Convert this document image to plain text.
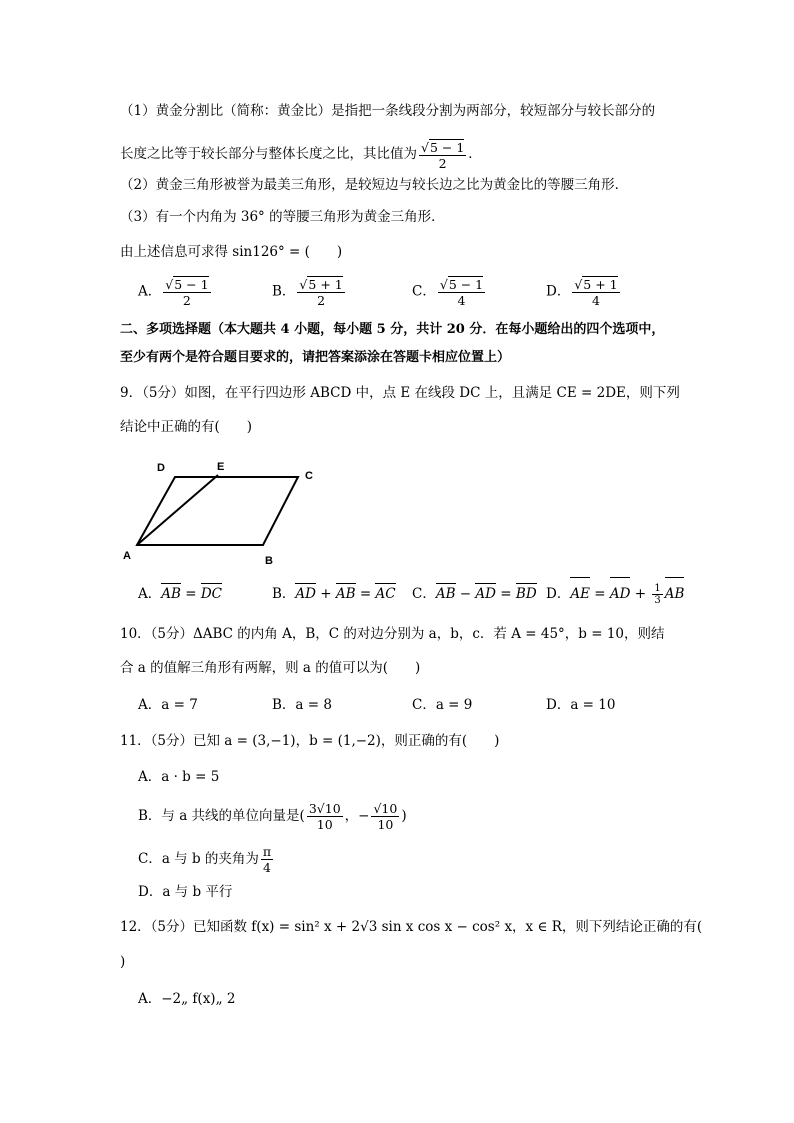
（1）黄金分割比（简称：黄金比）是指把一条线段分割为两部分，较短部分与较长部分的
长度之比等于较长部分与整体长度之比，其比值为 $\frac{√5 - 1}{2}$ ．
（2）黄金三角形被誉为最美三角形，是较短边与较长边之比为黄金比的等腰三角形．
（3）有一个内角为 36° 的等腰三角形为黄金三角形．
由上述信息可求得 sin126° = (　　)
A． $\frac{√5 - 1}{2}$	B． $\frac{√5 + 1}{2}$	C． $\frac{√5 - 1}{4}$	D． $\frac{√5 + 1}{4}$
二、多项选择题（本大题共 4 小题，每小题 5 分，共计 20 分．在每小题给出的四个选项中，
至少有两个是符合题目要求的，请把答案添涂在答题卡相应位置上）
9．（5分）如图，在平行四边形 ABCD 中，点 E 在线段 DC 上，且满足 CE = 2DE，则下列
结论中正确的有(　　)
D	E
C
A	B
A．AB = DC	B．AD + AB = AC C．AB − AD = BD D．AE = AD + $\frac{1}{3}$ AB
10．（5分）ΔABC 的内角 A，B，C 的对边分别为 a，b，c．若 A = 45°，b = 10，则结
合 a 的值解三角形有两解，则 a 的值可以为(　　)
A．a = 7	B．a = 8	C．a = 9	D．a = 10
11．（5分）已知 a = (3,−1)，b = (1,−2)，则正确的有(　　)
A．a · b = 5
B．与 a 共线的单位向量是( $\frac{3√10}{10}$ ，− $\frac{√10}{10}$ )
C．a 与 b 的夹角为 $\frac{\pi}{4}$
D．a 与 b 平行
12．（5分）已知函数 f(x) = sin² x + 2√3 sin x cos x − cos² x，x ∈ R，则下列结论正确的有(
)
A．−2„ f(x)„ 2
